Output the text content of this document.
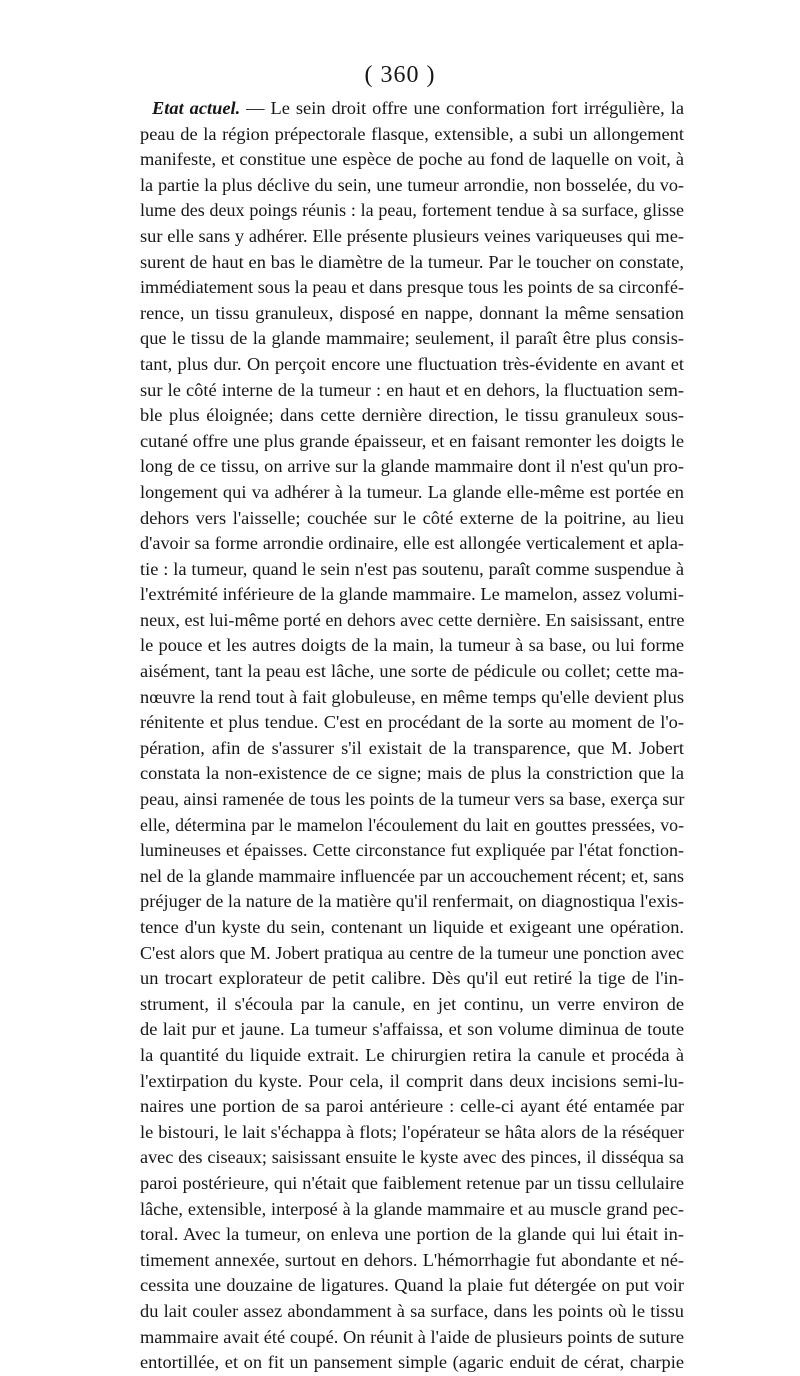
( 360 )
Etat actuel. — Le sein droit offre une conformation fort irrégulière, la
peau de la région prépectorale flasque, extensible, a subi un allongement
manifeste, et constitue une espèce de poche au fond de laquelle on voit, à
la partie la plus déclive du sein, une tumeur arrondie, non bosselée, du vo-
lume des deux poings réunis : la peau, fortement tendue à sa surface, glisse
sur elle sans y adhérer. Elle présente plusieurs veines variqueuses qui me-
surent de haut en bas le diamètre de la tumeur. Par le toucher on constate,
immédiatement sous la peau et dans presque tous les points de sa circonfé-
rence, un tissu granuleux, disposé en nappe, donnant la même sensation
que le tissu de la glande mammaire; seulement, il paraît être plus consis-
tant, plus dur. On perçoit encore une fluctuation très-évidente en avant et
sur le côté interne de la tumeur : en haut et en dehors, la fluctuation sem-
ble plus éloignée; dans cette dernière direction, le tissu granuleux sous-
cutané offre une plus grande épaisseur, et en faisant remonter les doigts le
long de ce tissu, on arrive sur la glande mammaire dont il n'est qu'un pro-
longement qui va adhérer à la tumeur. La glande elle-même est portée en
dehors vers l'aisselle; couchée sur le côté externe de la poitrine, au lieu
d'avoir sa forme arrondie ordinaire, elle est allongée verticalement et apla-
tie : la tumeur, quand le sein n'est pas soutenu, paraît comme suspendue à
l'extrémité inférieure de la glande mammaire. Le mamelon, assez volumi-
neux, est lui-même porté en dehors avec cette dernière. En saisissant, entre
le pouce et les autres doigts de la main, la tumeur à sa base, ou lui forme
aisément, tant la peau est lâche, une sorte de pédicule ou collet; cette ma-
nœuvre la rend tout à fait globuleuse, en même temps qu'elle devient plus
rénitente et plus tendue. C'est en procédant de la sorte au moment de l'o-
pération, afin de s'assurer s'il existait de la transparence, que M. Jobert
constata la non-existence de ce signe; mais de plus la constriction que la
peau, ainsi ramenée de tous les points de la tumeur vers sa base, exerça sur
elle, détermina par le mamelon l'écoulement du lait en gouttes pressées, vo-
lumineuses et épaisses. Cette circonstance fut expliquée par l'état fonction-
nel de la glande mammaire influencée par un accouchement récent; et, sans
préjuger de la nature de la matière qu'il renfermait, on diagnostiqua l'exis-
tence d'un kyste du sein, contenant un liquide et exigeant une opération.
C'est alors que M. Jobert pratiqua au centre de la tumeur une ponction avec
un trocart explorateur de petit calibre. Dès qu'il eut retiré la tige de l'in-
strument, il s'écoula par la canule, en jet continu, un verre environ de
de lait pur et jaune. La tumeur s'affaissa, et son volume diminua de toute
la quantité du liquide extrait. Le chirurgien retira la canule et procéda à
l'extirpation du kyste. Pour cela, il comprit dans deux incisions semi-lu-
naires une portion de sa paroi antérieure : celle-ci ayant été entamée par
le bistouri, le lait s'échappa à flots; l'opérateur se hâta alors de la réséquer
avec des ciseaux; saisissant ensuite le kyste avec des pinces, il disséqua sa
paroi postérieure, qui n'était que faiblement retenue par un tissu cellulaire
lâche, extensible, interposé à la glande mammaire et au muscle grand pec-
toral. Avec la tumeur, on enleva une portion de la glande qui lui était in-
timement annexée, surtout en dehors. L'hémorrhagie fut abondante et né-
cessita une douzaine de ligatures. Quand la plaie fut détergée on put voir
du lait couler assez abondamment à sa surface, dans les points où le tissu
mammaire avait été coupé. On réunit à l'aide de plusieurs points de suture
entortillée, et on fit un pansement simple (agaric enduit de cérat, charpie
